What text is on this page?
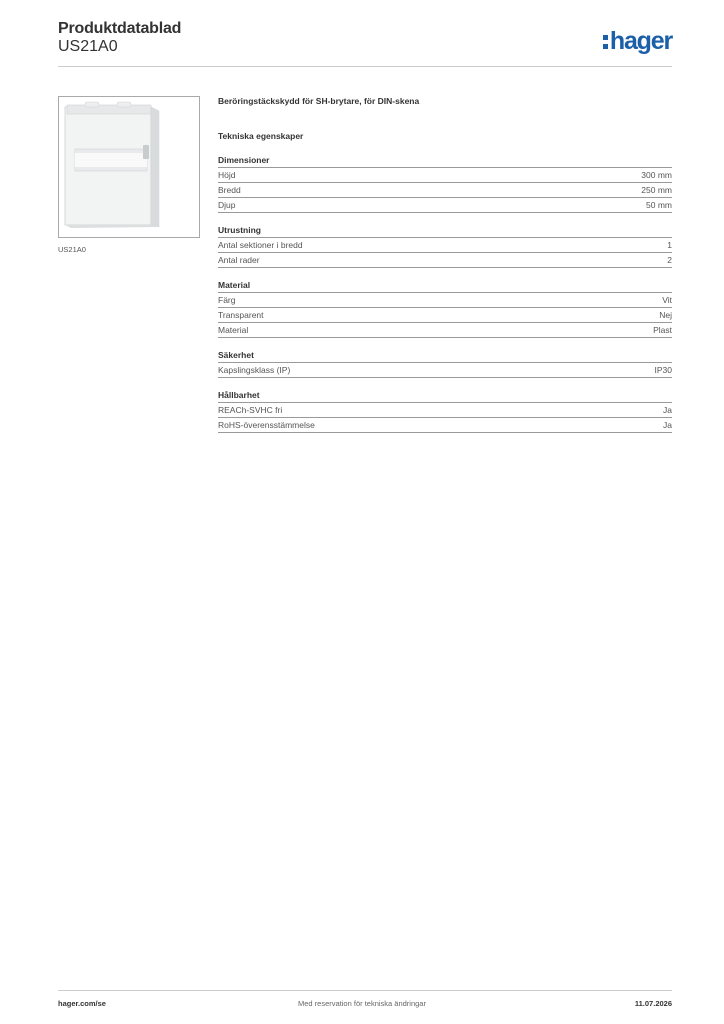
Produktdatablad
US21A0	hager
US21A0
Beröringstäckskydd för SH-brytare, för DIN-skena
Tekniska egenskaper
Dimensioner
Höjd	300 mm
Bredd	250 mm
Djup	50 mm
Utrustning
Antal sektioner i bredd	1
Antal rader	2
Material
Färg	Vit
Transparent	Nej
Material	Plast
Säkerhet
Kapslingsklass (IP)	IP30
Hållbarhet
REACh-SVHC fri	Ja
RoHS-överensstämmelse	Ja
hager.com/se	Med reservation för tekniska ändringar	11.07.2026
